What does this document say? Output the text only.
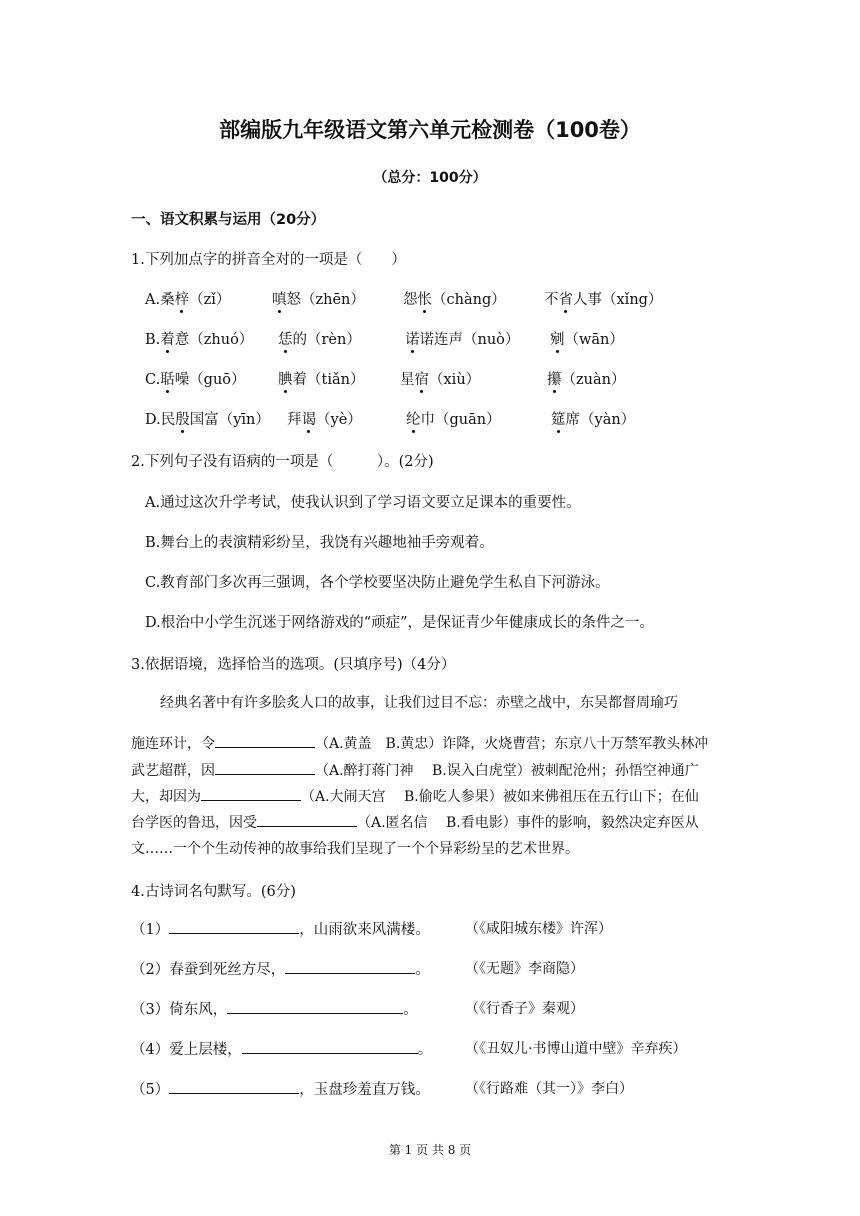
部编版九年级语文第六单元检测卷（100卷）
（总分：100分）
一、语文积累与运用（20分）
1.下列加点字的拼音全对的一项是（　　）
A.桑梓（zǐ）	嗔怒（zhēn）	怨怅（chàng）	不省人事（xǐng）
B.着意（zhuó） 恁的（rèn）	诺诺连声（nuò） 剜（wān）
C.聒噪（guō） 腆着（tiǎn） 星宿（xiù）	攥（zuàn）
D.民殷国富（yīn） 拜谒（yè）	纶巾（guān）	筵席（yàn）
2.下列句子没有语病的一项是（　　　）。(2分)
A.通过这次升学考试，使我认识到了学习语文要立足课本的重要性。
B.舞台上的表演精彩纷呈，我饶有兴趣地袖手旁观着。
C.教育部门多次再三强调，各个学校要坚决防止避免学生私自下河游泳。
D.根治中小学生沉迷于网络游戏的“顽症”，是保证青少年健康成长的条件之一。
3.依据语境，选择恰当的选项。(只填序号)（4分）
经典名著中有许多脍炙人口的故事，让我们过目不忘：赤壁之战中，东吴都督周瑜巧
施连环计，令	（A.黄盖　B.黄忠）诈降，火烧曹营；东京八十万禁军教头林冲
武艺超群，因	（A.醉打蒋门神　 B.误入白虎堂）被刺配沧州；孙悟空神通广
大，却因为	（A.大闹天宫　 B.偷吃人参果）被如来佛祖压在五行山下；在仙
台学医的鲁迅，因受	（A.匿名信　 B.看电影）事件的影响，毅然决定弃医从
文……一个个生动传神的故事给我们呈现了一个个异彩纷呈的艺术世界。
4.古诗词名句默写。(6分)
（1）	，山雨欲来风满楼。	（《咸阳城东楼》许浑）
（2）春蚕到死丝方尽，	。	（《无题》李商隐）
（3）倚东风，	。	（《行香子》秦观）
（4）爱上层楼，	。 （《丑奴儿·书博山道中壁》辛弃疾）
（5）	，玉盘珍羞直万钱。	（《行路难（其一）》李白）
第 1 页 共 8 页
